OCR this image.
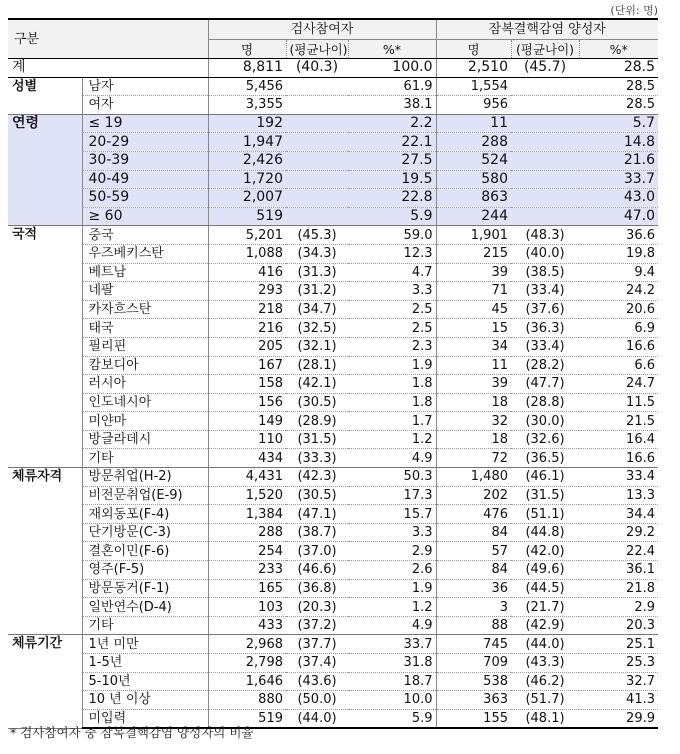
(단위: 명)
구분		검사참여자			잠복결핵감염 양성자		
		명	(평균나이)	%*	명	(평균나이)	%*
계		8,811	(40.3)	100.0	2,510	(45.7)	28.5
성별	남자	5,456		61.9	1,554		28.5
	여자	3,355		38.1	956		28.5
연령	≤ 19	192		2.2	11		5.7
	20-29	1,947		22.1	288		14.8
	30-39	2,426		27.5	524		21.6
	40-49	1,720		19.5	580		33.7
	50-59	2,007		22.8	863		43.0
	≥ 60	519		5.9	244		47.0
국적	중국	5,201	(45.3)	59.0	1,901	(48.3)	36.6
	우즈베키스탄	1,088	(34.3)	12.3	215	(40.0)	19.8
	베트남	416	(31.3)	4.7	39	(38.5)	9.4
	네팔	293	(31.2)	3.3	71	(33.4)	24.2
	카자흐스탄	218	(34.7)	2.5	45	(37.6)	20.6
	태국	216	(32.5)	2.5	15	(36.3)	6.9
	필리핀	205	(32.1)	2.3	34	(33.4)	16.6
	캄보디아	167	(28.1)	1.9	11	(28.2)	6.6
	러시아	158	(42.1)	1.8	39	(47.7)	24.7
	인도네시아	156	(30.5)	1.8	18	(28.8)	11.5
	미얀마	149	(28.9)	1.7	32	(30.0)	21.5
	방글라데시	110	(31.5)	1.2	18	(32.6)	16.4
	기타	434	(33.3)	4.9	72	(36.5)	16.6
체류자격	방문취업(H-2)	4,431	(42.3)	50.3	1,480	(46.1)	33.4
	비전문취업(E-9)	1,520	(30.5)	17.3	202	(31.5)	13.3
	재외동포(F-4)	1,384	(47.1)	15.7	476	(51.1)	34.4
	단기방문(C-3)	288	(38.7)	3.3	84	(44.8)	29.2
	결혼이민(F-6)	254	(37.0)	2.9	57	(42.0)	22.4
	영주(F-5)	233	(46.6)	2.6	84	(49.6)	36.1
	방문동거(F-1)	165	(36.8)	1.9	36	(44.5)	21.8
	일반연수(D-4)	103	(20.3)	1.2	3	(21.7)	2.9
	기타	433	(37.2)	4.9	88	(42.9)	20.3
체류기간	1년 미만	2,968	(37.7)	33.7	745	(44.0)	25.1
	1-5년	2,798	(37.4)	31.8	709	(43.3)	25.3
	5-10년	1,646	(43.6)	18.7	538	(46.2)	32.7
	10 년 이상	880	(50.0)	10.0	363	(51.7)	41.3
	미입력	519	(44.0)	5.9	155	(48.1)	29.9
* 검사참여자 중 잠복결핵감염 양성자의 비율
